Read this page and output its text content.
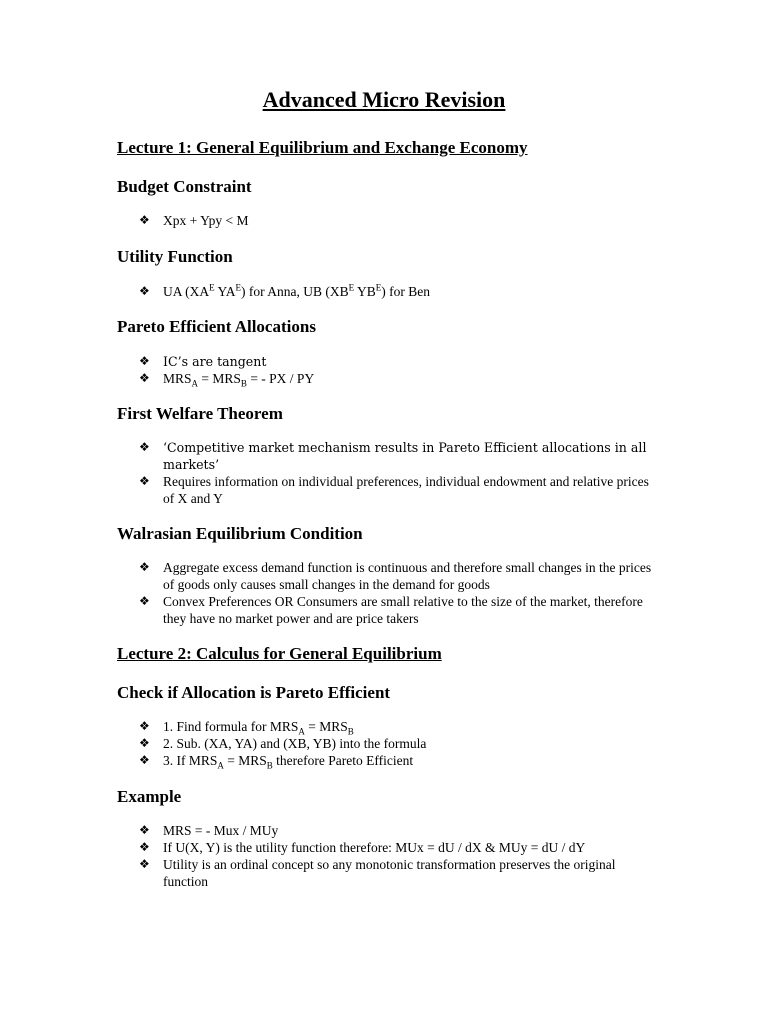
Advanced Micro Revision
Lecture 1: General Equilibrium and Exchange Economy
Budget Constraint
❖ Xpx + Ypy < M
Utility Function
❖ UA ($XA^E$ $YA^E$) for Anna, UB ($XB^E$ $YB^E$) for Ben
Pareto Efficient Allocations
❖ IC’s are tangent
❖ $MRS_A = MRS_B$ = - PX / PY
First Welfare Theorem
❖ ‘Competitive market mechanism results in Pareto Efficient allocations in all markets’
❖ Requires information on individual preferences, individual endowment and relative prices of X and Y
Walrasian Equilibrium Condition
❖ Aggregate excess demand function is continuous and therefore small changes in the prices of goods only causes small changes in the demand for goods
❖ Convex Preferences OR Consumers are small relative to the size of the market, therefore they have no market power and are price takers
Lecture 2: Calculus for General Equilibrium
Check if Allocation is Pareto Efficient
❖ 1. Find formula for $MRS_A = MRS_B$
❖ 2. Sub. (XA, YA) and (XB, YB) into the formula
❖ 3. If $MRS_A = MRS_B$ therefore Pareto Efficient
Example
❖ MRS = - Mux / MUy
❖ If U(X, Y) is the utility function therefore: MUx = dU / dX & MUy = dU / dY
❖ Utility is an ordinal concept so any monotonic transformation preserves the original function
